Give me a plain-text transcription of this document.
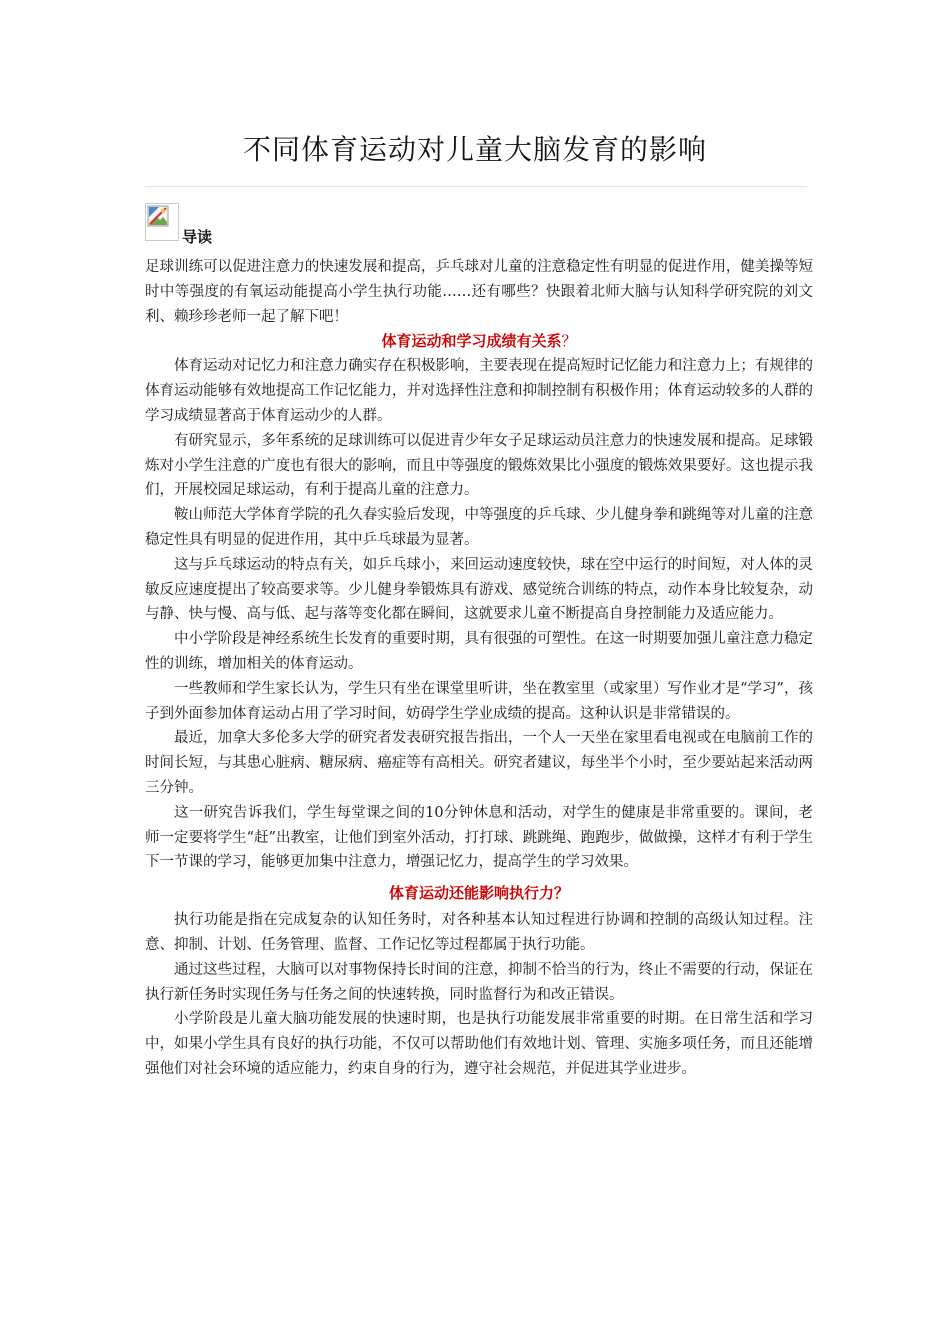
不同体育运动对儿童大脑发育的影响
导读

足球训练可以促进注意力的快速发展和提高，乒乓球对儿童的注意稳定性有明显的促进作用，健美操等短时中等强度的有氧运动能提高小学生执行功能……还有哪些？快跟着北师大脑与认知科学研究院的刘文利、赖珍珍老师一起了解下吧！

体育运动和学习成绩有关系？

体育运动对记忆力和注意力确实存在积极影响，主要表现在提高短时记忆能力和注意力上；有规律的体育运动能够有效地提高工作记忆能力，并对选择性注意和抑制控制有积极作用；体育运动较多的人群的学习成绩显著高于体育运动少的人群。

有研究显示，多年系统的足球训练可以促进青少年女子足球运动员注意力的快速发展和提高。足球锻炼对小学生注意的广度也有很大的影响，而且中等强度的锻炼效果比小强度的锻炼效果要好。这也提示我们，开展校园足球运动，有利于提高儿童的注意力。

鞍山师范大学体育学院的孔久春实验后发现，中等强度的乒乓球、少儿健身拳和跳绳等对儿童的注意稳定性具有明显的促进作用，其中乒乓球最为显著。

这与乒乓球运动的特点有关，如乒乓球小，来回运动速度较快，球在空中运行的时间短，对人体的灵敏反应速度提出了较高要求等。少儿健身拳锻炼具有游戏、感觉统合训练的特点，动作本身比较复杂，动与静、快与慢、高与低、起与落等变化都在瞬间，这就要求儿童不断提高自身控制能力及适应能力。

中小学阶段是神经系统生长发育的重要时期，具有很强的可塑性。在这一时期要加强儿童注意力稳定性的训练，增加相关的体育运动。

一些教师和学生家长认为，学生只有坐在课堂里听讲，坐在教室里（或家里）写作业才是“学习”，孩子到外面参加体育运动占用了学习时间，妨碍学生学业成绩的提高。这种认识是非常错误的。

最近，加拿大多伦多大学的研究者发表研究报告指出，一个人一天坐在家里看电视或在电脑前工作的时间长短，与其患心脏病、糖尿病、癌症等有高相关。研究者建议，每坐半个小时，至少要站起来活动两三分钟。

这一研究告诉我们，学生每堂课之间的10分钟休息和活动，对学生的健康是非常重要的。课间，老师一定要将学生“赶”出教室，让他们到室外活动，打打球、跳跳绳、跑跑步，做做操，这样才有利于学生下一节课的学习，能够更加集中注意力，增强记忆力，提高学生的学习效果。

体育运动还能影响执行力？

执行功能是指在完成复杂的认知任务时，对各种基本认知过程进行协调和控制的高级认知过程。注意、抑制、计划、任务管理、监督、工作记忆等过程都属于执行功能。

通过这些过程，大脑可以对事物保持长时间的注意，抑制不恰当的行为，终止不需要的行动，保证在执行新任务时实现任务与任务之间的快速转换，同时监督行为和改正错误。

小学阶段是儿童大脑功能发展的快速时期，也是执行功能发展非常重要的时期。在日常生活和学习中，如果小学生具有良好的执行功能，不仅可以帮助他们有效地计划、管理、实施多项任务，而且还能增强他们对社会环境的适应能力，约束自身的行为，遵守社会规范，并促进其学业进步。
